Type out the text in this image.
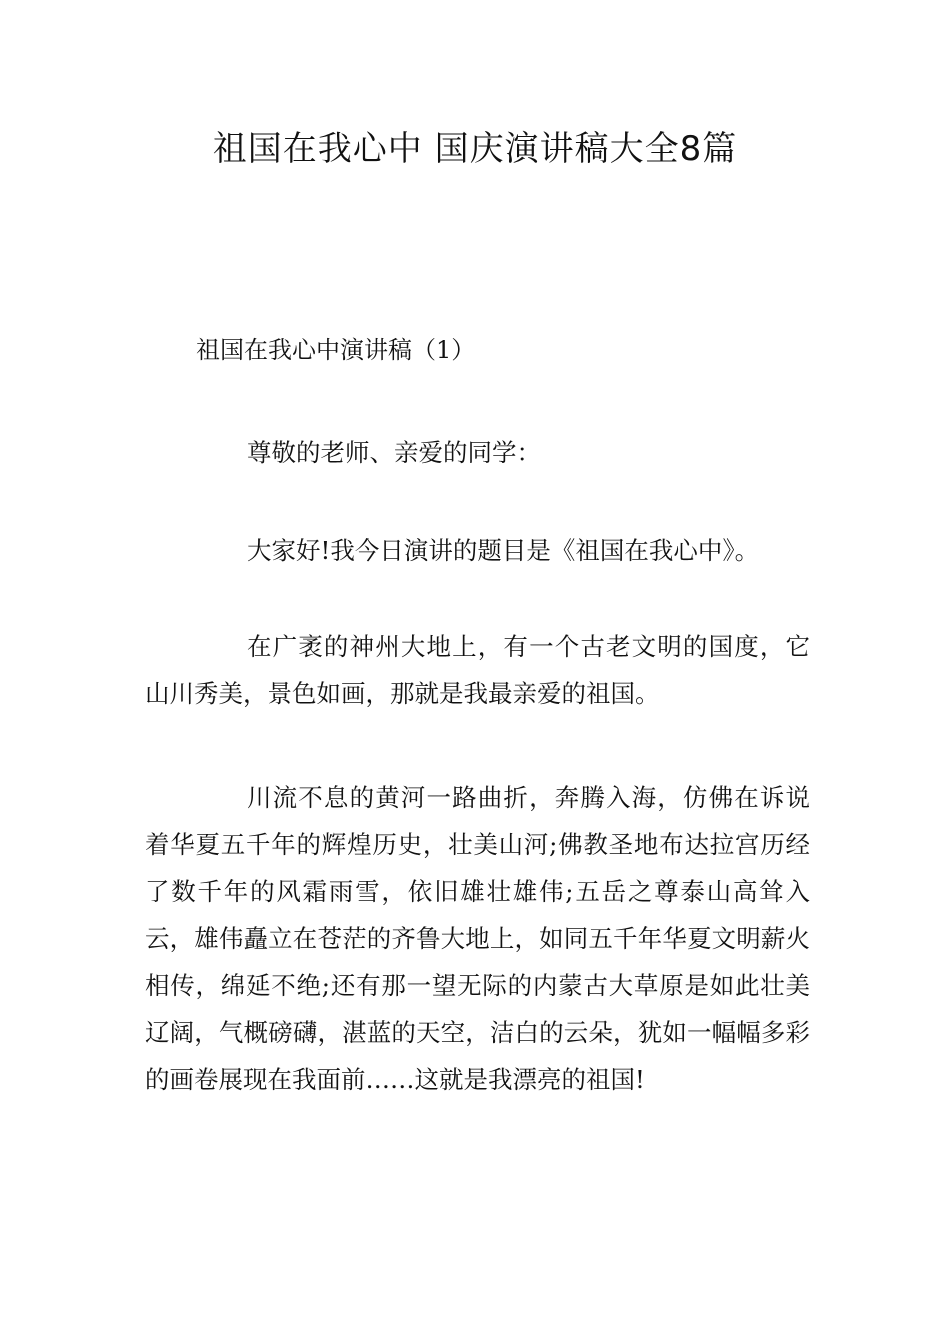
祖国在我心中 国庆演讲稿大全8篇
祖国在我心中演讲稿（1）

尊敬的老师、亲爱的同学：

大家好!我今日演讲的题目是《祖国在我心中》。

在广袤的神州大地上，有一个古老文明的国度，它山川秀美，景色如画，那就是我最亲爱的祖国。

川流不息的黄河一路曲折，奔腾入海，仿佛在诉说着华夏五千年的辉煌历史，壮美山河;佛教圣地布达拉宫历经了数千年的风霜雨雪，依旧雄壮雄伟;五岳之尊泰山高耸入云，雄伟矗立在苍茫的齐鲁大地上，如同五千年华夏文明薪火相传，绵延不绝;还有那一望无际的内蒙古大草原是如此壮美辽阔，气概磅礴，湛蓝的天空，洁白的云朵，犹如一幅幅多彩的画卷展现在我面前……这就是我漂亮的祖国!
